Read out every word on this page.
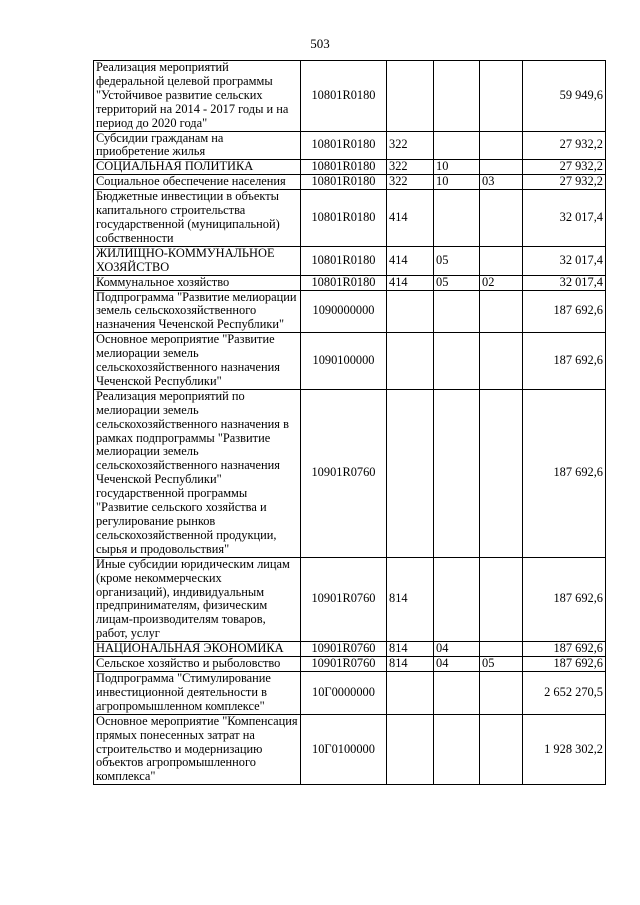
503
Реализация мероприятий федеральной целевой программы "Устойчивое развитие сельских территорий на 2014 - 2017 годы и на период до 2020 года"	10801R0180				59 949,6
Субсидии гражданам на приобретение жилья	10801R0180	322			27 932,2
СОЦИАЛЬНАЯ ПОЛИТИКА	10801R0180	322	10		27 932,2
Социальное обеспечение населения	10801R0180	322	10	03	27 932,2
Бюджетные инвестиции в объекты капитального строительства государственной (муниципальной) собственности	10801R0180	414			32 017,4
ЖИЛИЩНО-КОММУНАЛЬНОЕ ХОЗЯЙСТВО	10801R0180	414	05		32 017,4
Коммунальное хозяйство	10801R0180	414	05	02	32 017,4
Подпрограмма "Развитие мелиорации земель сельскохозяйственного назначения Чеченской Республики"	1090000000				187 692,6
Основное мероприятие "Развитие мелиорации земель сельскохозяйственного назначения Чеченской Республики"	1090100000				187 692,6
Реализация мероприятий по мелиорации земель сельскохозяйственного назначения в рамках подпрограммы "Развитие мелиорации земель сельскохозяйственного назначения Чеченской Республики" государственной программы "Развитие сельского хозяйства и регулирование рынков сельскохозяйственной продукции, сырья и продовольствия"	10901R0760				187 692,6
Иные субсидии юридическим лицам (кроме некоммерческих организаций), индивидуальным предпринимателям, физическим лицам-производителям товаров, работ, услуг	10901R0760	814			187 692,6
НАЦИОНАЛЬНАЯ ЭКОНОМИКА	10901R0760	814	04		187 692,6
Сельское хозяйство и рыболовство	10901R0760	814	04	05	187 692,6
Подпрограмма "Стимулирование инвестиционной деятельности в агропромышленном комплексе"	10Г0000000				2 652 270,5
Основное мероприятие "Компенсация прямых понесенных затрат на строительство и модернизацию объектов агропромышленного комплекса"	10Г0100000				1 928 302,2
